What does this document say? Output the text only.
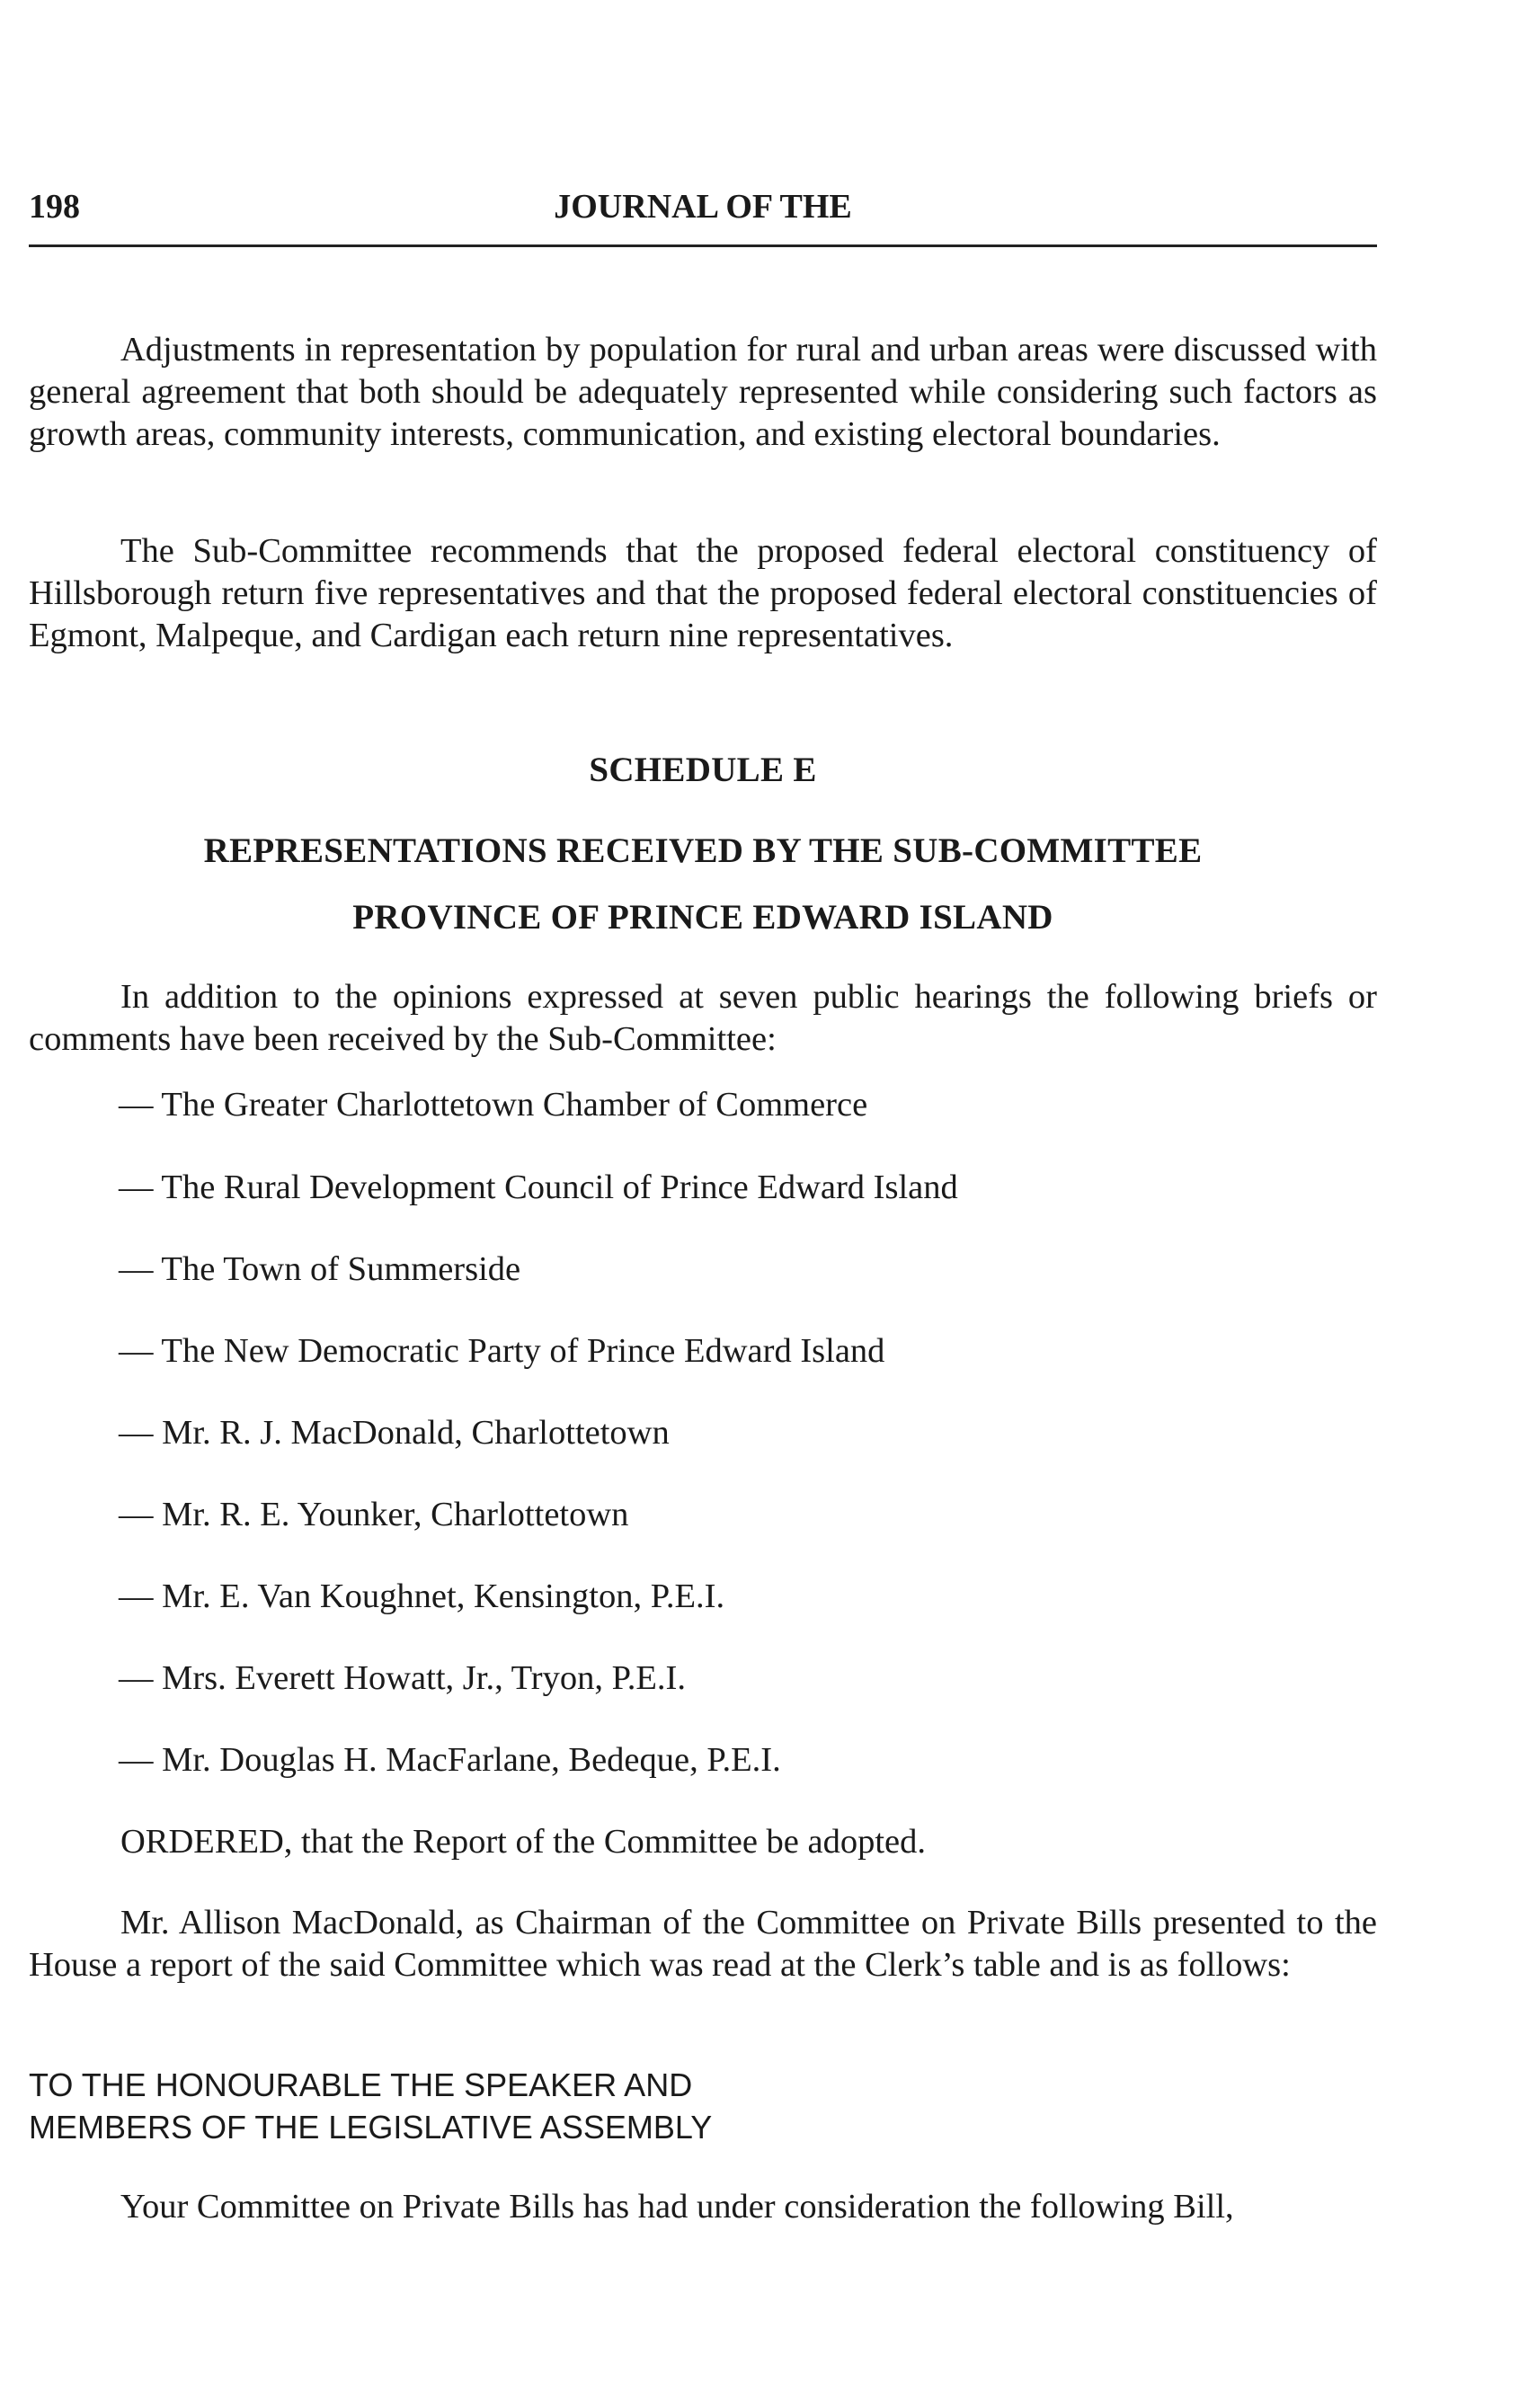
198	JOURNAL OF THE

Adjustments in representation by population for rural and urban areas were discussed with general agreement that both should be adequately represented while considering such factors as growth areas, community interests, communication, and existing electoral boundaries.

The Sub-Committee recommends that the proposed federal electoral constituency of Hillsborough return five representatives and that the proposed federal electoral constituencies of Egmont, Malpeque, and Cardigan each return nine representatives.

SCHEDULE E

REPRESENTATIONS RECEIVED BY THE SUB-COMMITTEE

PROVINCE OF PRINCE EDWARD ISLAND

In addition to the opinions expressed at seven public hearings the following briefs or comments have been received by the Sub-Committee:

— The Greater Charlottetown Chamber of Commerce

— The Rural Development Council of Prince Edward Island

— The Town of Summerside

— The New Democratic Party of Prince Edward Island

— Mr. R. J. MacDonald, Charlottetown

— Mr. R. E. Younker, Charlottetown

— Mr. E. Van Koughnet, Kensington, P.E.I.

— Mrs. Everett Howatt, Jr., Tryon, P.E.I.

— Mr. Douglas H. MacFarlane, Bedeque, P.E.I.

ORDERED, that the Report of the Committee be adopted.

Mr. Allison MacDonald, as Chairman of the Committee on Private Bills presented to the House a report of the said Committee which was read at the Clerk’s table and is as follows:

TO THE HONOURABLE THE SPEAKER AND

MEMBERS OF THE LEGISLATIVE ASSEMBLY

Your Committee on Private Bills has had under consideration the following Bill,
